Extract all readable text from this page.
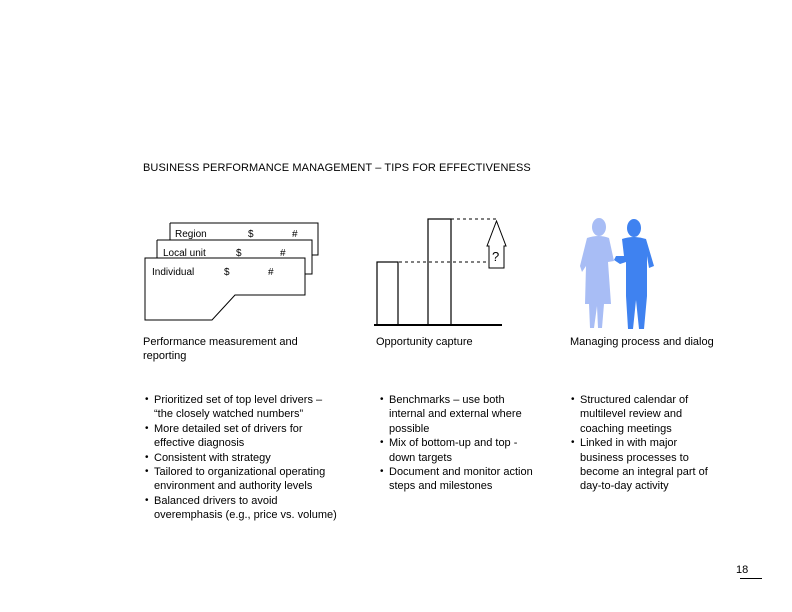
BUSINESS PERFORMANCE MANAGEMENT – TIPS FOR EFFECTIVENESS
Region	$	#
Local unit	$	#
Individual	$	#
?
Performance measurement and reporting
Opportunity capture	Managing process and dialog
• Prioritized set of top level drivers – “the closely watched numbers”
• More detailed set of drivers for effective diagnosis
• Consistent with strategy
• Tailored to organizational operating environment and authority levels
• Balanced drivers to avoid overemphasis (e.g., price vs. volume)
• Benchmarks – use both internal and external where possible
• Mix of bottom-up and top -down targets
• Document and monitor action steps and milestones
• Structured calendar of multilevel review and coaching meetings
• Linked in with major business processes to become an integral part of day-to-day activity
18
